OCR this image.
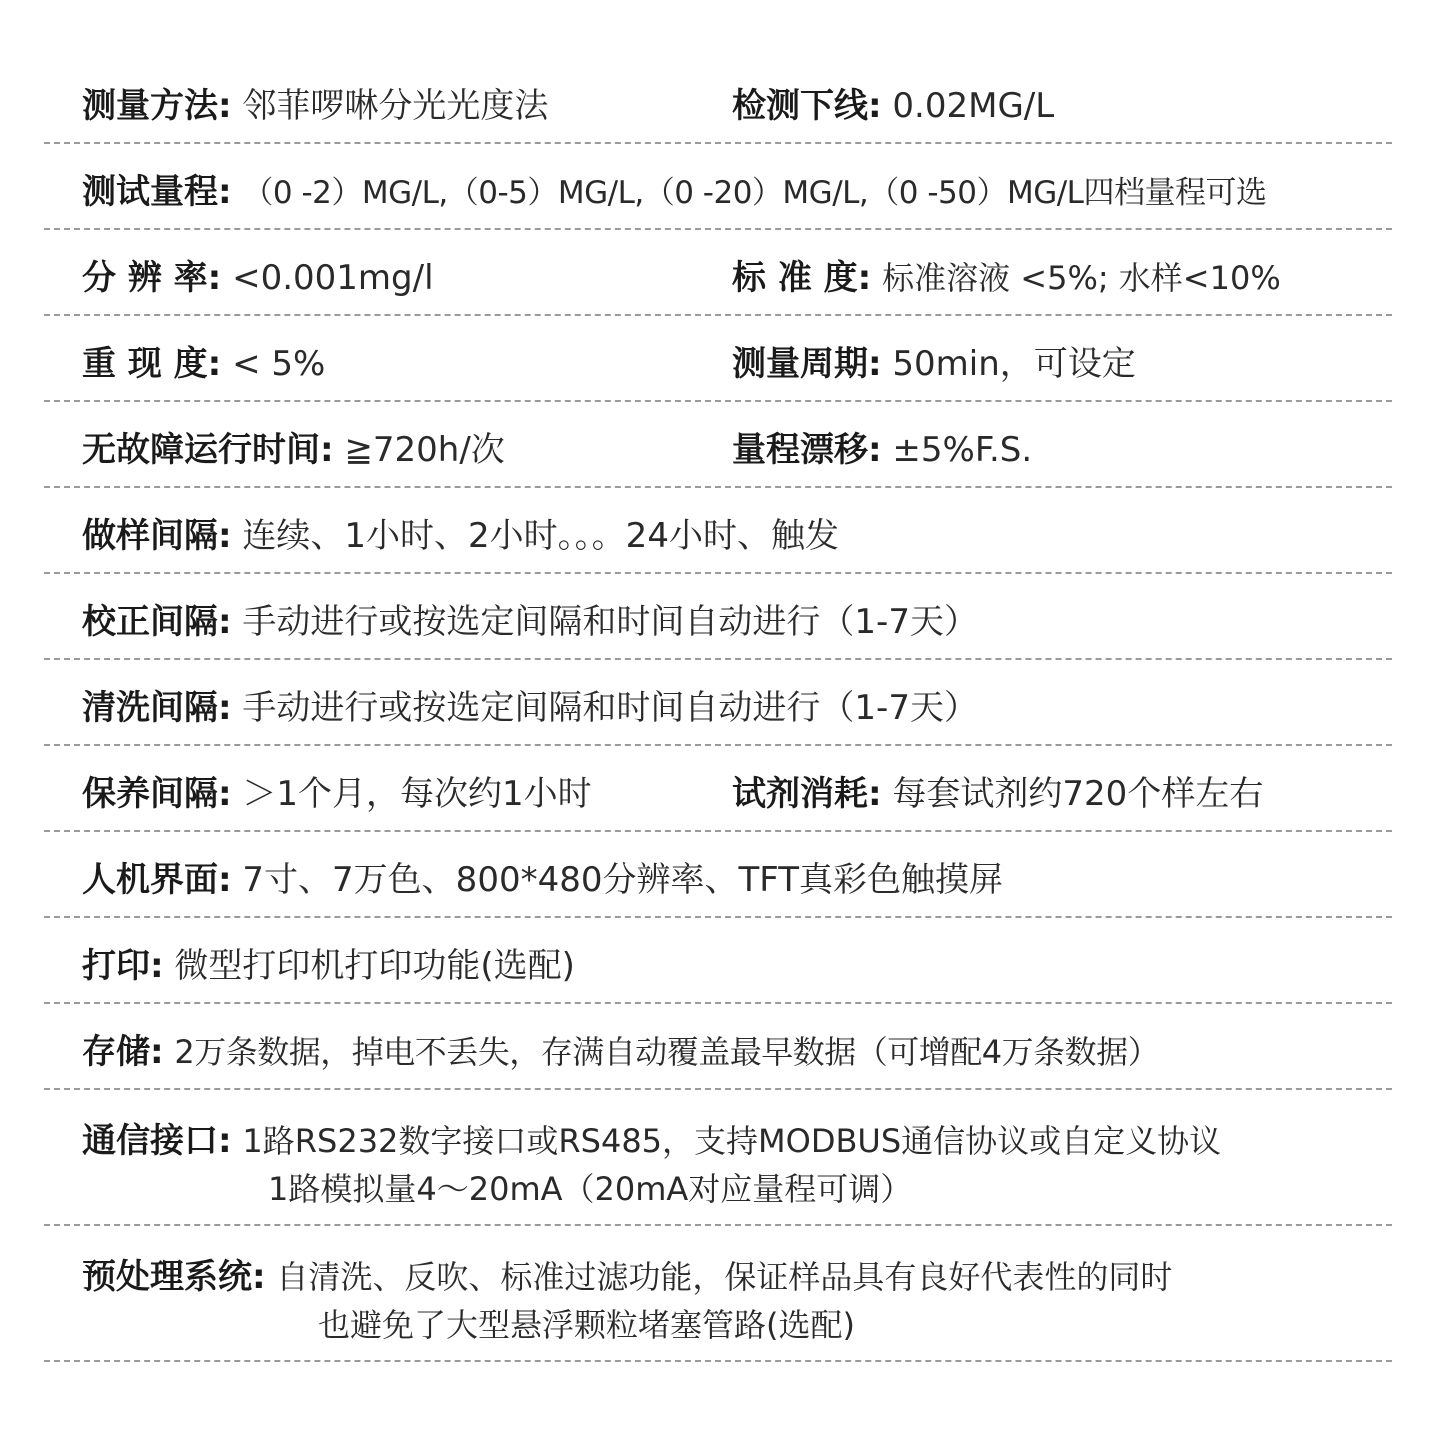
测量方法: 邻菲啰啉分光光度法	检测下线: 0.02MG/L
测试量程: （0 -2）MG/L,（0-5）MG/L,（0 -20）MG/L,（0 -50）MG/L四档量程可选
分 辨 率: <0.001mg/l	标 准 度: 标准溶液 <5%; 水样<10%
重 现 度: < 5%	测量周期: 50min，可设定
无故障运行时间: ≧720h/次	量程漂移: ±5%F.S.
做样间隔: 连续、1小时、2小时。。。24小时、触发
校正间隔: 手动进行或按选定间隔和时间自动进行（1-7天）
清洗间隔: 手动进行或按选定间隔和时间自动进行（1-7天）
保养间隔: ＞1个月，每次约1小时	试剂消耗: 每套试剂约720个样左右
人机界面: 7寸、7万色、800*480分辨率、TFT真彩色触摸屏
打印: 微型打印机打印功能(选配)
存储: 2万条数据，掉电不丢失，存满自动覆盖最早数据（可增配4万条数据）
通信接口: 1路RS232数字接口或RS485，支持MODBUS通信协议或自定义协议
1路模拟量4～20mA（20mA对应量程可调）
预处理系统: 自清洗、反吹、标准过滤功能，保证样品具有良好代表性的同时
也避免了大型悬浮颗粒堵塞管路(选配)
